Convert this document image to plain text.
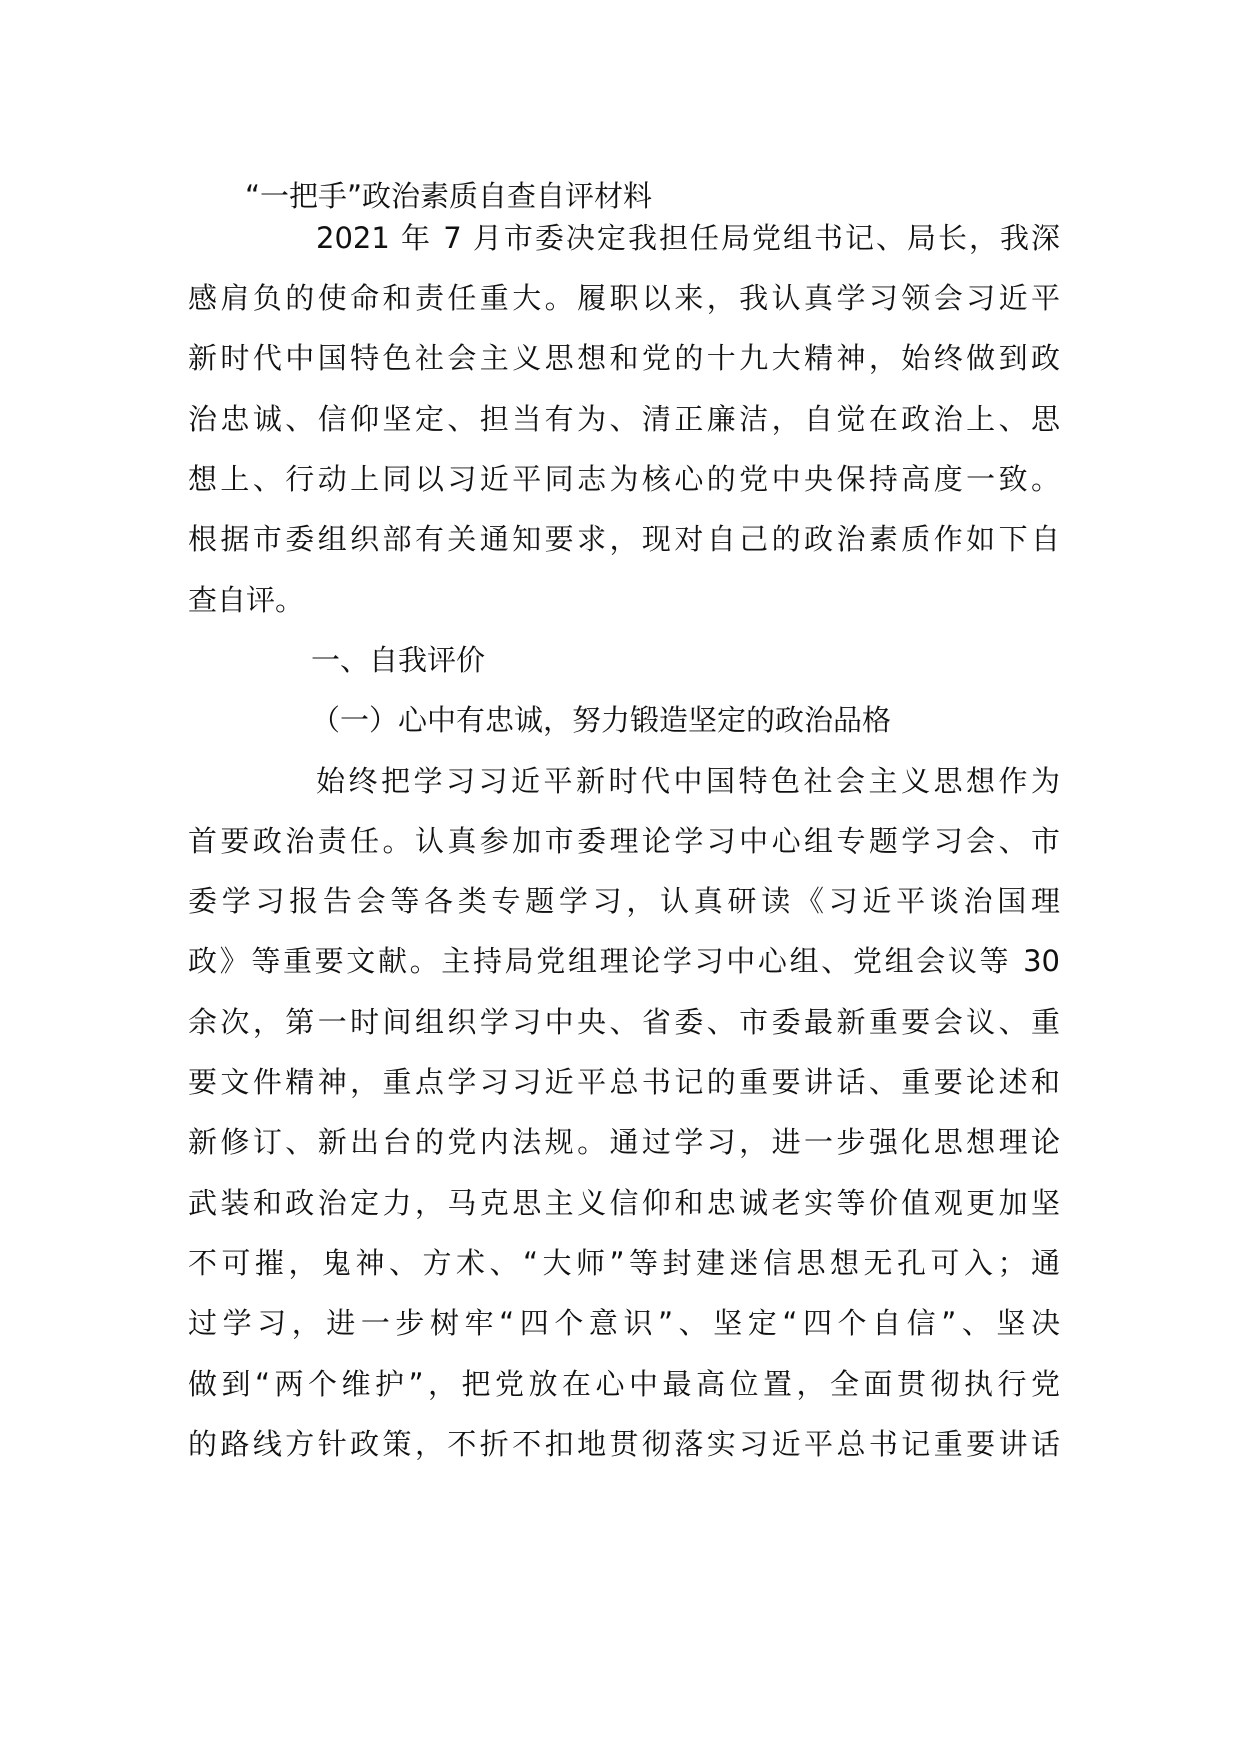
“一把手”政治素质自查自评材料
2021 年 7 月市委决定我担任局党组书记、局长，我深
感肩负的使命和责任重大。履职以来，我认真学习领会习近平
新时代中国特色社会主义思想和党的十九大精神，始终做到政
治忠诚、信仰坚定、担当有为、清正廉洁，自觉在政治上、思
想上、行动上同以习近平同志为核心的党中央保持高度一致。
根据市委组织部有关通知要求，现对自己的政治素质作如下自
查自评。
一、自我评价
（一）心中有忠诚，努力锻造坚定的政治品格
始终把学习习近平新时代中国特色社会主义思想作为
首要政治责任。认真参加市委理论学习中心组专题学习会、市
委学习报告会等各类专题学习，认真研读《习近平谈治国理
政》等重要文献。主持局党组理论学习中心组、党组会议等 30
余次，第一时间组织学习中央、省委、市委最新重要会议、重
要文件精神，重点学习习近平总书记的重要讲话、重要论述和
新修订、新出台的党内法规。通过学习，进一步强化思想理论
武装和政治定力，马克思主义信仰和忠诚老实等价值观更加坚
不可摧，鬼神、方术、“大师”等封建迷信思想无孔可入；通
过学习，进一步树牢“四个意识”、坚定“四个自信”、坚决
做到“两个维护”，把党放在心中最高位置，全面贯彻执行党
的路线方针政策，不折不扣地贯彻落实习近平总书记重要讲话
